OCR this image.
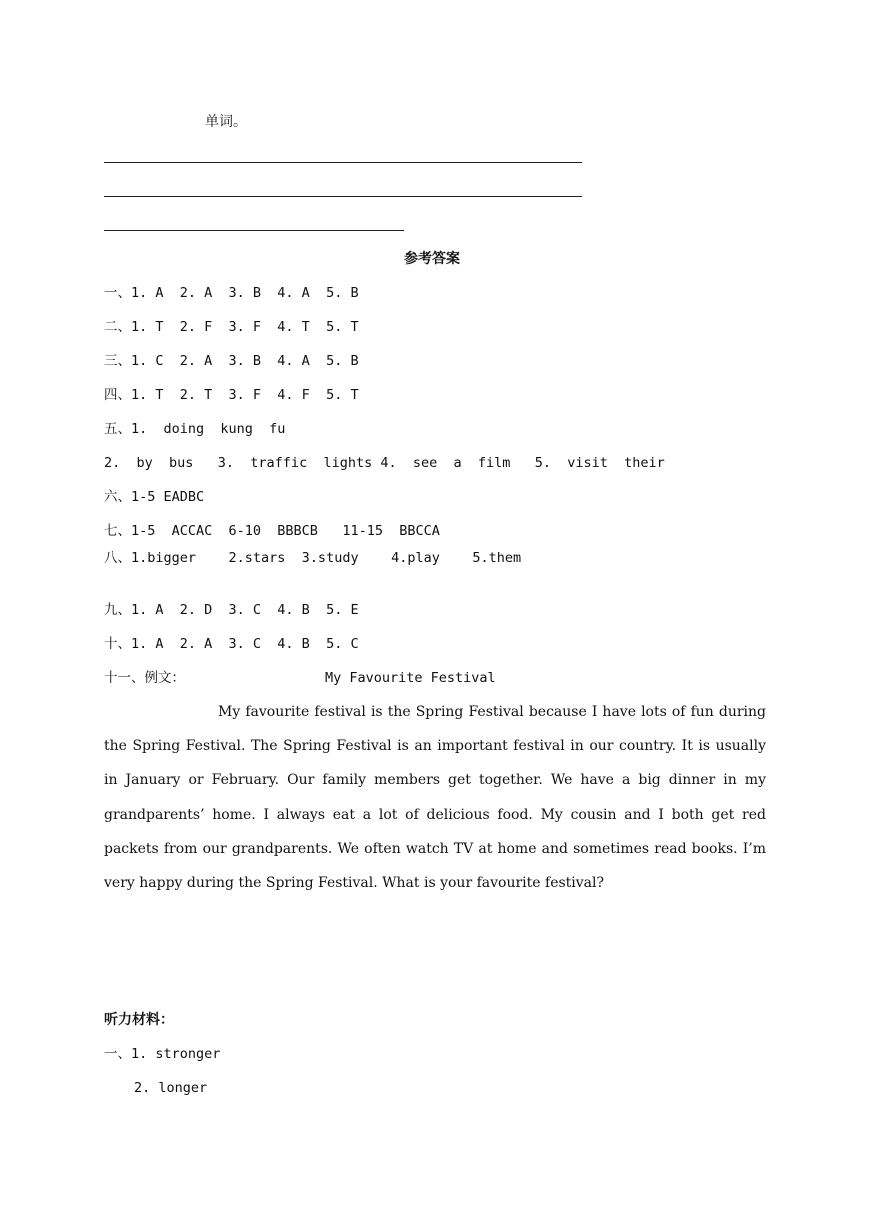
单词。
参考答案
一、1. A  2. A  3. B  4. A  5. B
二、1. T  2. F  3. F  4. T  5. T
三、1. C  2. A  3. B  4. A  5. B
四、1. T  2. T  3. F  4. F  5. T
五、1.  doing  kung  fu
2.  by  bus   3.  traffic  lights 4.  see  a  film   5.  visit  their
六、1-5 EADBC
七、1-5  ACCAC  6-10  BBBCB   11-15  BBCCA
八、1.bigger    2.stars  3.study    4.play    5.them
九、1. A  2. D  3. C  4. B  5. E
十、1. A  2. A  3. C  4. B  5. C
十一、例文：	My Favourite Festival
My favourite festival is the Spring Festival because I have lots of fun during the Spring Festival. The Spring Festival is an important festival in our country. It is usually in January or February. Our family members get together. We have a big dinner in my grandparents’ home. I always eat a lot of delicious food. My cousin and I both get red packets from our grandparents. We often watch TV at home and sometimes read books. I’m very happy during the Spring Festival. What is your favourite festival?
听力材料：
一、1. stronger
2. longer
